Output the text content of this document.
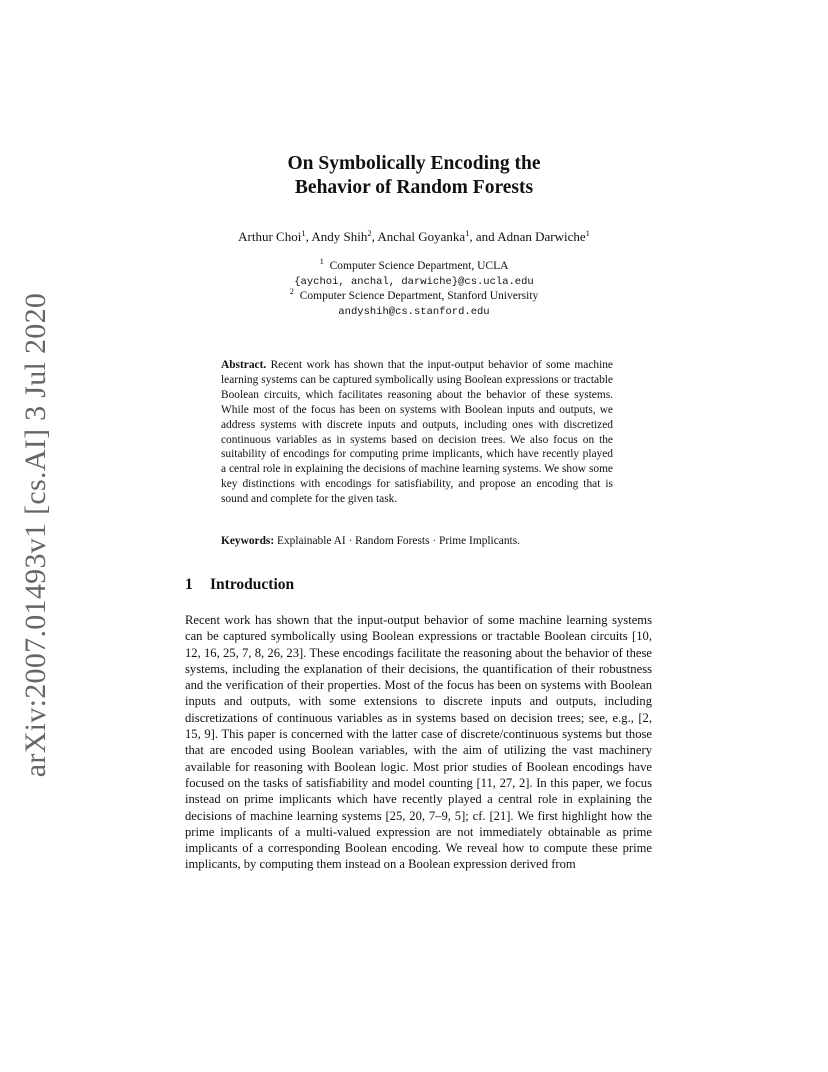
arXiv:2007.01493v1 [cs.AI] 3 Jul 2020
On Symbolically Encoding the
Behavior of Random Forests
Arthur Choi$^1$, Andy Shih$^2$, Anchal Goyanka$^1$, and Adnan Darwiche$^1$
$^1$ Computer Science Department, UCLA
{aychoi, anchal, darwiche}@cs.ucla.edu
$^2$ Computer Science Department, Stanford University
andyshih@cs.stanford.edu

Abstract. Recent work has shown that the input-output behavior of some machine learning systems can be captured symbolically using Boolean expressions or tractable Boolean circuits, which facilitates reasoning about the behavior of these systems. While most of the focus has been on systems with Boolean inputs and outputs, we address systems with discrete inputs and outputs, including ones with discretized continuous variables as in systems based on decision trees. We also focus on the suitability of encodings for computing prime implicants, which have recently played a central role in explaining the decisions of machine learning systems. We show some key distinctions with encodings for satisfiability, and propose an encoding that is sound and complete for the given task.

Keywords: Explainable AI · Random Forests · Prime Implicants.

1 Introduction

Recent work has shown that the input-output behavior of some machine learning systems can be captured symbolically using Boolean expressions or tractable Boolean circuits [10, 12, 16, 25, 7, 8, 26, 23]. These encodings facilitate the reasoning about the behavior of these systems, including the explanation of their decisions, the quantification of their robustness and the verification of their properties. Most of the focus has been on systems with Boolean inputs and outputs, with some extensions to discrete inputs and outputs, including discretizations of continuous variables as in systems based on decision trees; see, e.g., [2, 15, 9]. This paper is concerned with the latter case of discrete/continuous systems but those that are encoded using Boolean variables, with the aim of utilizing the vast machinery available for reasoning with Boolean logic. Most prior studies of Boolean encodings have focused on the tasks of satisfiability and model counting [11, 27, 2]. In this paper, we focus instead on prime implicants which have recently played a central role in explaining the decisions of machine learning systems [25, 20, 7–9, 5]; cf. [21]. We first highlight how the prime implicants of a multi-valued expression are not immediately obtainable as prime implicants of a corresponding Boolean encoding. We reveal how to compute these prime implicants, by computing them instead on a Boolean expression derived from
